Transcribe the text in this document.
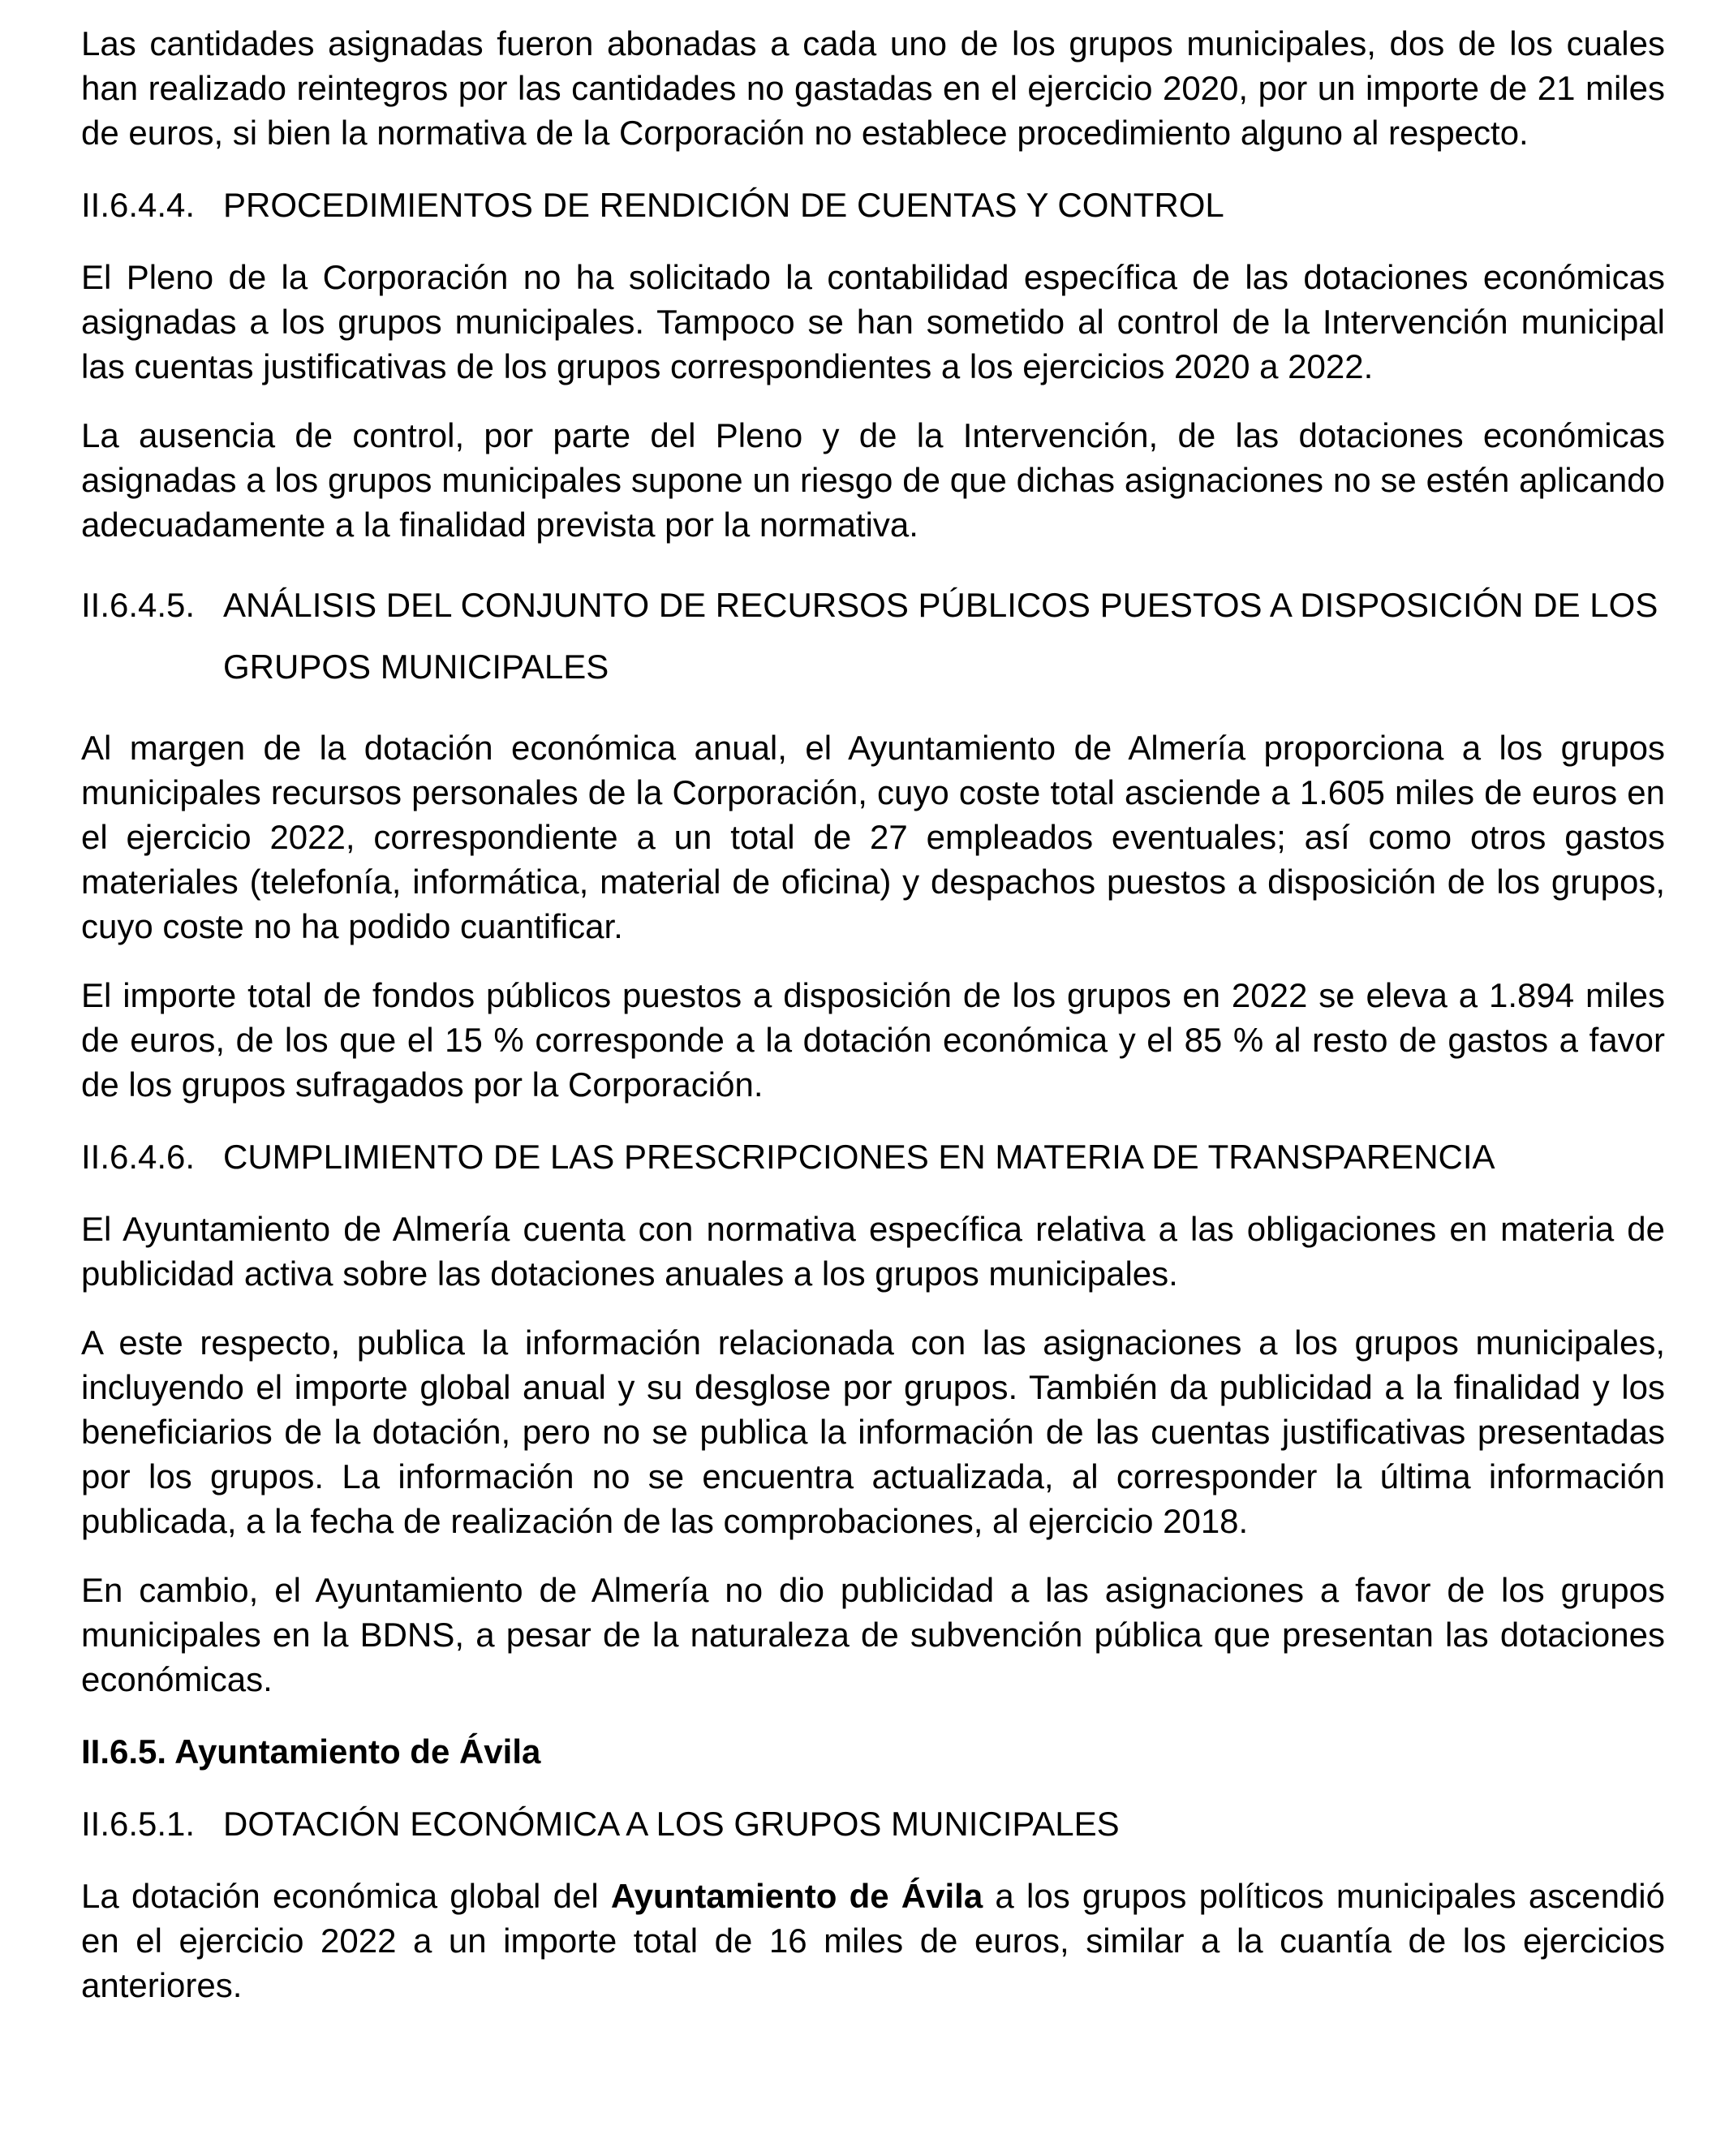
Las cantidades asignadas fueron abonadas a cada uno de los grupos municipales, dos de los cuales han realizado reintegros por las cantidades no gastadas en el ejercicio 2020, por un importe de 21 miles de euros, si bien la normativa de la Corporación no establece procedimiento alguno al respecto.

II.6.4.4. PROCEDIMIENTOS DE RENDICIÓN DE CUENTAS Y CONTROL

El Pleno de la Corporación no ha solicitado la contabilidad específica de las dotaciones económicas asignadas a los grupos municipales. Tampoco se han sometido al control de la Intervención municipal las cuentas justificativas de los grupos correspondientes a los ejercicios 2020 a 2022.

La ausencia de control, por parte del Pleno y de la Intervención, de las dotaciones económicas asignadas a los grupos municipales supone un riesgo de que dichas asignaciones no se estén aplicando adecuadamente a la finalidad prevista por la normativa.

II.6.4.5. ANÁLISIS DEL CONJUNTO DE RECURSOS PÚBLICOS PUESTOS A DISPOSICIÓN DE LOS GRUPOS MUNICIPALES

Al margen de la dotación económica anual, el Ayuntamiento de Almería proporciona a los grupos municipales recursos personales de la Corporación, cuyo coste total asciende a 1.605 miles de euros en el ejercicio 2022, correspondiente a un total de 27 empleados eventuales; así como otros gastos materiales (telefonía, informática, material de oficina) y despachos puestos a disposición de los grupos, cuyo coste no ha podido cuantificar.

El importe total de fondos públicos puestos a disposición de los grupos en 2022 se eleva a 1.894 miles de euros, de los que el 15 % corresponde a la dotación económica y el 85 % al resto de gastos a favor de los grupos sufragados por la Corporación.

II.6.4.6. CUMPLIMIENTO DE LAS PRESCRIPCIONES EN MATERIA DE TRANSPARENCIA

El Ayuntamiento de Almería cuenta con normativa específica relativa a las obligaciones en materia de publicidad activa sobre las dotaciones anuales a los grupos municipales.

A este respecto, publica la información relacionada con las asignaciones a los grupos municipales, incluyendo el importe global anual y su desglose por grupos. También da publicidad a la finalidad y los beneficiarios de la dotación, pero no se publica la información de las cuentas justificativas presentadas por los grupos. La información no se encuentra actualizada, al corresponder la última información publicada, a la fecha de realización de las comprobaciones, al ejercicio 2018.

En cambio, el Ayuntamiento de Almería no dio publicidad a las asignaciones a favor de los grupos municipales en la BDNS, a pesar de la naturaleza de subvención pública que presentan las dotaciones económicas.

II.6.5. Ayuntamiento de Ávila
II.6.5.1. DOTACIÓN ECONÓMICA A LOS GRUPOS MUNICIPALES

La dotación económica global del Ayuntamiento de Ávila a los grupos políticos municipales ascendió en el ejercicio 2022 a un importe total de 16 miles de euros, similar a la cuantía de los ejercicios anteriores.
